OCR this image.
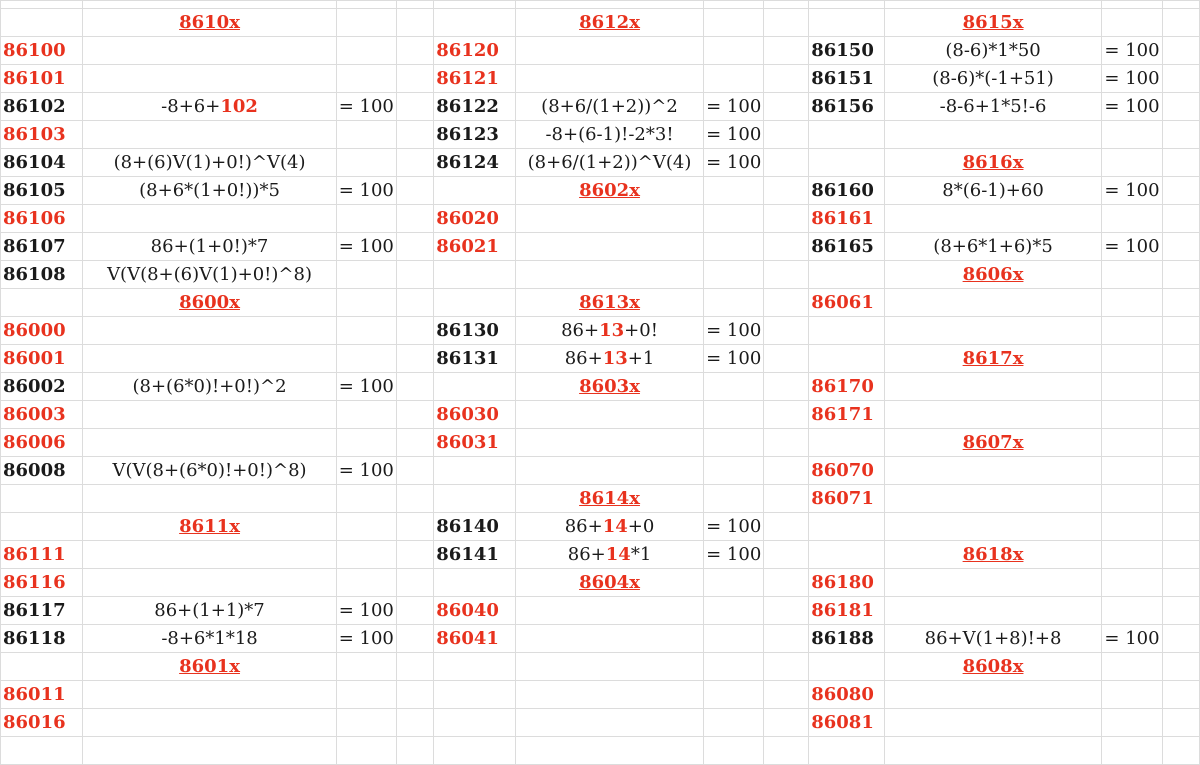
	8610x				8612x				8615x		
86100				86120				86150	(8-6)*1*50	= 100	
86101				86121				86151	(8-6)*(-1+51)	= 100	
86102	-8+6+102	= 100		86122	(8+6/(1+2))^2	= 100		86156	-8-6+1*5!-6	= 100	
86103				86123	-8+(6-1)!-2*3!	= 100					
86104	(8+(6)V(1)+0!)^V(4)			86124	(8+6/(1+2))^V(4)	= 100			8616x		
86105	(8+6*(1+0!))*5	= 100			8602x			86160	8*(6-1)+60	= 100	
86106				86020				86161			
86107	86+(1+0!)*7	= 100		86021				86165	(8+6*1+6)*5	= 100	
86108	V(V(8+(6)V(1)+0!)^8)								8606x		
	8600x				8613x			86061			
86000				86130	86+13+0!	= 100					
86001				86131	86+13+1	= 100			8617x		
86002	(8+(6*0)!+0!)^2	= 100			8603x			86170			
86003				86030				86171			
86006				86031					8607x		
86008	V(V(8+(6*0)!+0!)^8)	= 100						86070			
					8614x			86071			
	8611x			86140	86+14+0	= 100					
86111				86141	86+14*1	= 100			8618x		
86116					8604x			86180			
86117	86+(1+1)*7	= 100		86040				86181			
86118	-8+6*1*18	= 100		86041				86188	86+V(1+8)!+8	= 100	
	8601x								8608x		
86011								86080			
86016								86081			
